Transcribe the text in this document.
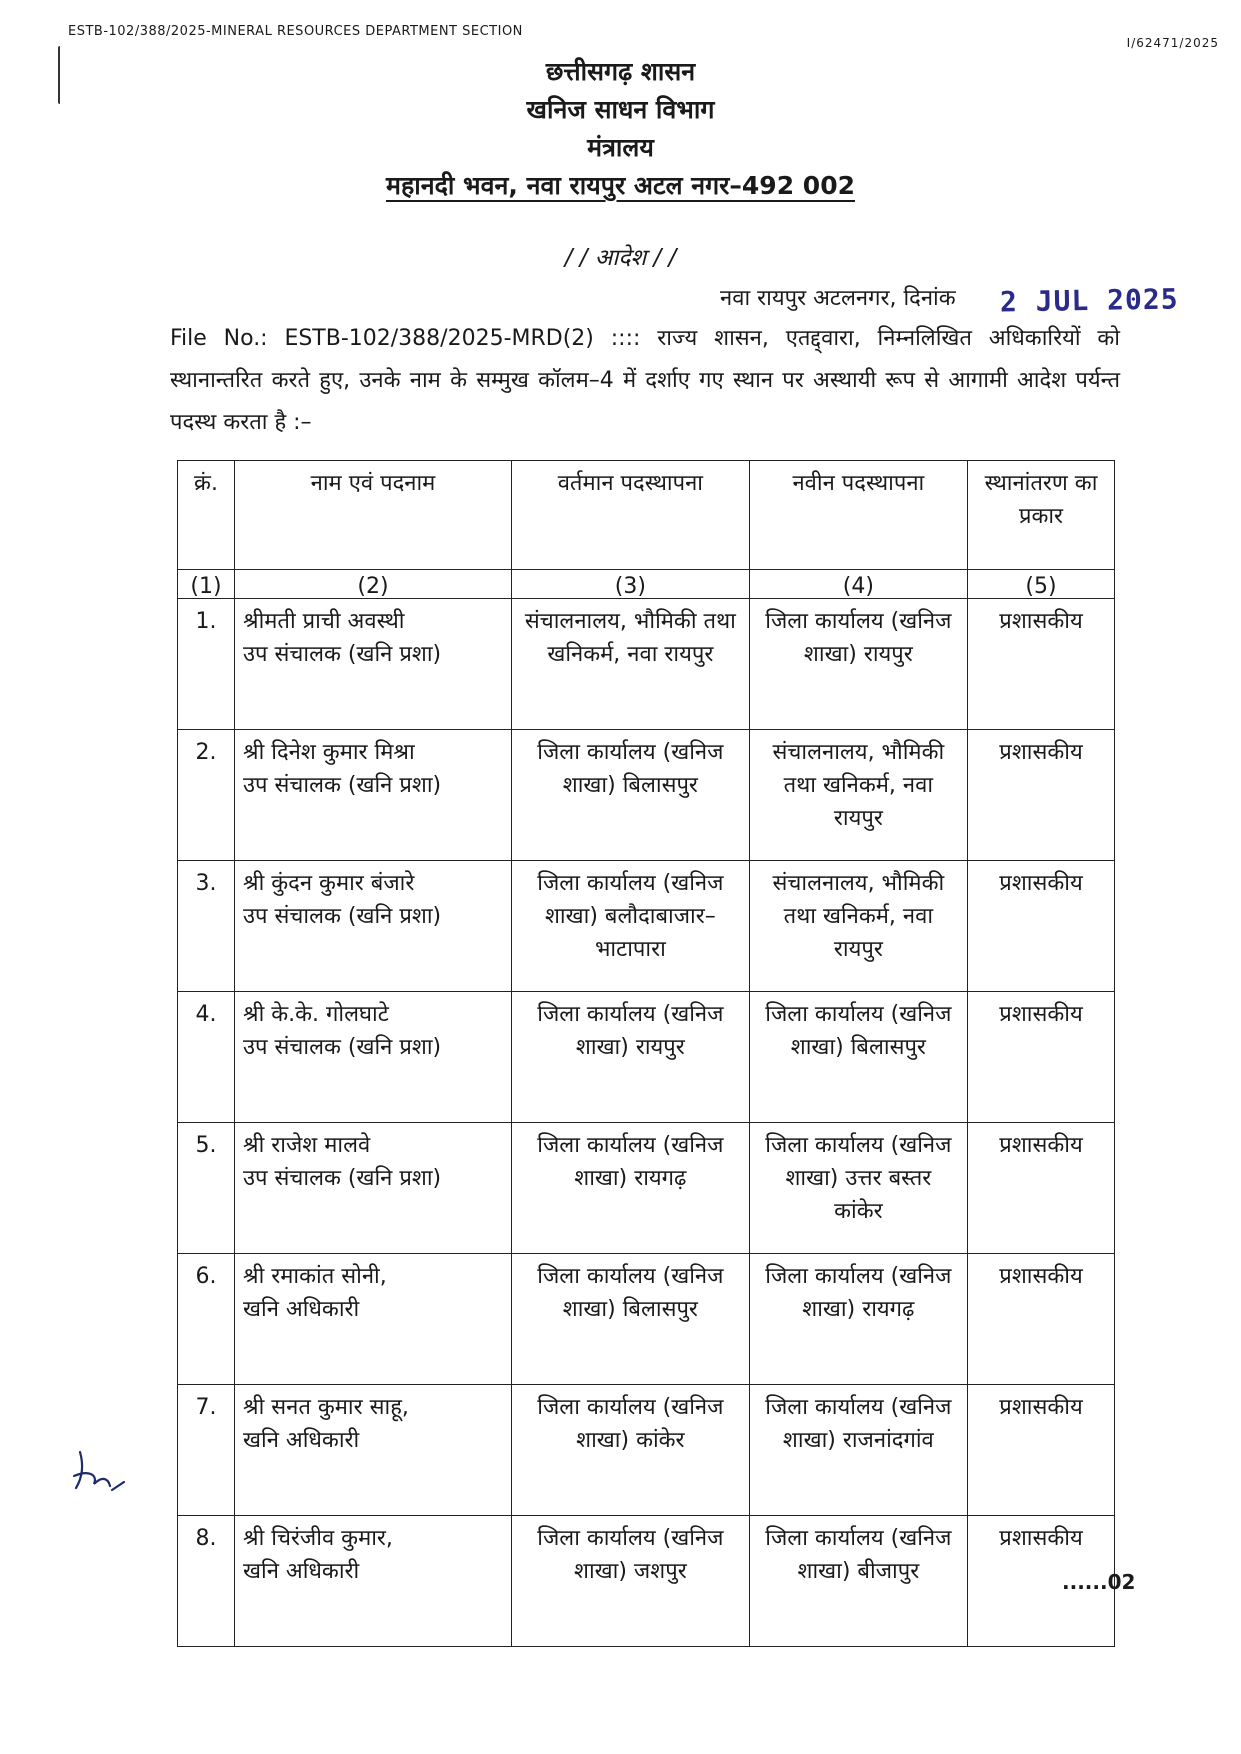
ESTB-102/388/2025-MINERAL RESOURCES DEPARTMENT SECTION
I/62471/2025
छत्तीसगढ़ शासन
खनिज साधन विभाग
मंत्रालय
महानदी भवन, नवा रायपुर अटल नगर–492 002
/ / आदेश / /
नवा रायपुर अटलनगर, दिनांक 2 JUL 2025
File No.: ESTB-102/388/2025-MRD(2) :::: राज्य शासन, एतद्द्वारा, निम्नलिखित अधिकारियों को स्थानान्तरित करते हुए, उनके नाम के सम्मुख कॉलम–4 में दर्शाए गए स्थान पर अस्थायी रूप से आगामी आदेश पर्यन्त पदस्थ करता है :–
क्रं.	नाम एवं पदनाम	वर्तमान पदस्थापना	नवीन पदस्थापना	स्थानांतरण का प्रकार
(1)	(2)	(3)	(4)	(5)
1.	श्रीमती प्राची अवस्थी
उप संचालक (खनि प्रशा)	संचालनालय, भौमिकी तथा खनिकर्म, नवा रायपुर	जिला कार्यालय (खनिज शाखा) रायपुर	प्रशासकीय
2.	श्री दिनेश कुमार मिश्रा
उप संचालक (खनि प्रशा)	जिला कार्यालय (खनिज शाखा) बिलासपुर	संचालनालय, भौमिकी तथा खनिकर्म, नवा रायपुर	प्रशासकीय
3.	श्री कुंदन कुमार बंजारे
उप संचालक (खनि प्रशा)	जिला कार्यालय (खनिज शाखा) बलौदाबाजार–भाटापारा	संचालनालय, भौमिकी तथा खनिकर्म, नवा रायपुर	प्रशासकीय
4.	श्री के.के. गोलघाटे
उप संचालक (खनि प्रशा)	जिला कार्यालय (खनिज शाखा) रायपुर	जिला कार्यालय (खनिज शाखा) बिलासपुर	प्रशासकीय
5.	श्री राजेश मालवे
उप संचालक (खनि प्रशा)	जिला कार्यालय (खनिज शाखा) रायगढ़	जिला कार्यालय (खनिज शाखा) उत्तर बस्तर कांकेर	प्रशासकीय
6.	श्री रमाकांत सोनी,
खनि अधिकारी	जिला कार्यालय (खनिज शाखा) बिलासपुर	जिला कार्यालय (खनिज शाखा) रायगढ़	प्रशासकीय
7.	श्री सनत कुमार साहू,
खनि अधिकारी	जिला कार्यालय (खनिज शाखा) कांकेर	जिला कार्यालय (खनिज शाखा) राजनांदगांव	प्रशासकीय
8.	श्री चिरंजीव कुमार,
खनि अधिकारी	जिला कार्यालय (खनिज शाखा) जशपुर	जिला कार्यालय (खनिज शाखा) बीजापुर	प्रशासकीय
......02
